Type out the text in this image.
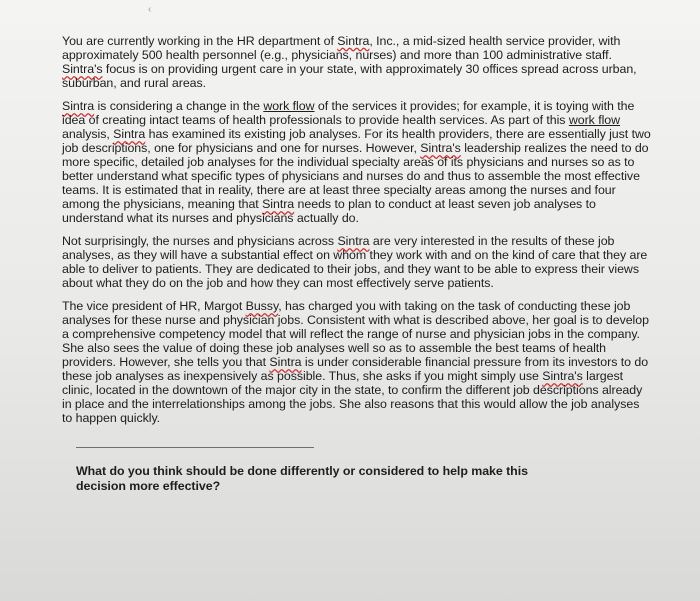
‹

You are currently working in the HR department of Sintra, Inc., a mid-sized health service provider, with approximately 500 health personnel (e.g., physicians, nurses) and more than 100 administrative staff. Sintra's focus is on providing urgent care in your state, with approximately 30 offices spread across urban, suburban, and rural areas.

Sintra is considering a change in the work flow of the services it provides; for example, it is toying with the idea of creating intact teams of health professionals to provide health services. As part of this work flow analysis, Sintra has examined its existing job analyses. For its health providers, there are essentially just two job descriptions, one for physicians and one for nurses. However, Sintra's leadership realizes the need to do more specific, detailed job analyses for the individual specialty areas of its physicians and nurses so as to better understand what specific types of physicians and nurses do and thus to assemble the most effective teams. It is estimated that in reality, there are at least three specialty areas among the nurses and four among the physicians, meaning that Sintra needs to plan to conduct at least seven job analyses to understand what its nurses and physicians actually do.

Not surprisingly, the nurses and physicians across Sintra are very interested in the results of these job analyses, as they will have a substantial effect on whom they work with and on the kind of care that they are able to deliver to patients. They are dedicated to their jobs, and they want to be able to express their views about what they do on the job and how they can most effectively serve patients.

The vice president of HR, Margot Bussy, has charged you with taking on the task of conducting these job analyses for these nurse and physician jobs. Consistent with what is described above, her goal is to develop a comprehensive competency model that will reflect the range of nurse and physician jobs in the company. She also sees the value of doing these job analyses well so as to assemble the best teams of health providers. However, she tells you that Sintra is under considerable financial pressure from its investors to do these job analyses as inexpensively as possible. Thus, she asks if you might simply use Sintra's largest clinic, located in the downtown of the major city in the state, to confirm the different job descriptions already in place and the interrelationships among the jobs. She also reasons that this would allow the job analyses to happen quickly.

What do you think should be done differently or considered to help make this decision more effective?
